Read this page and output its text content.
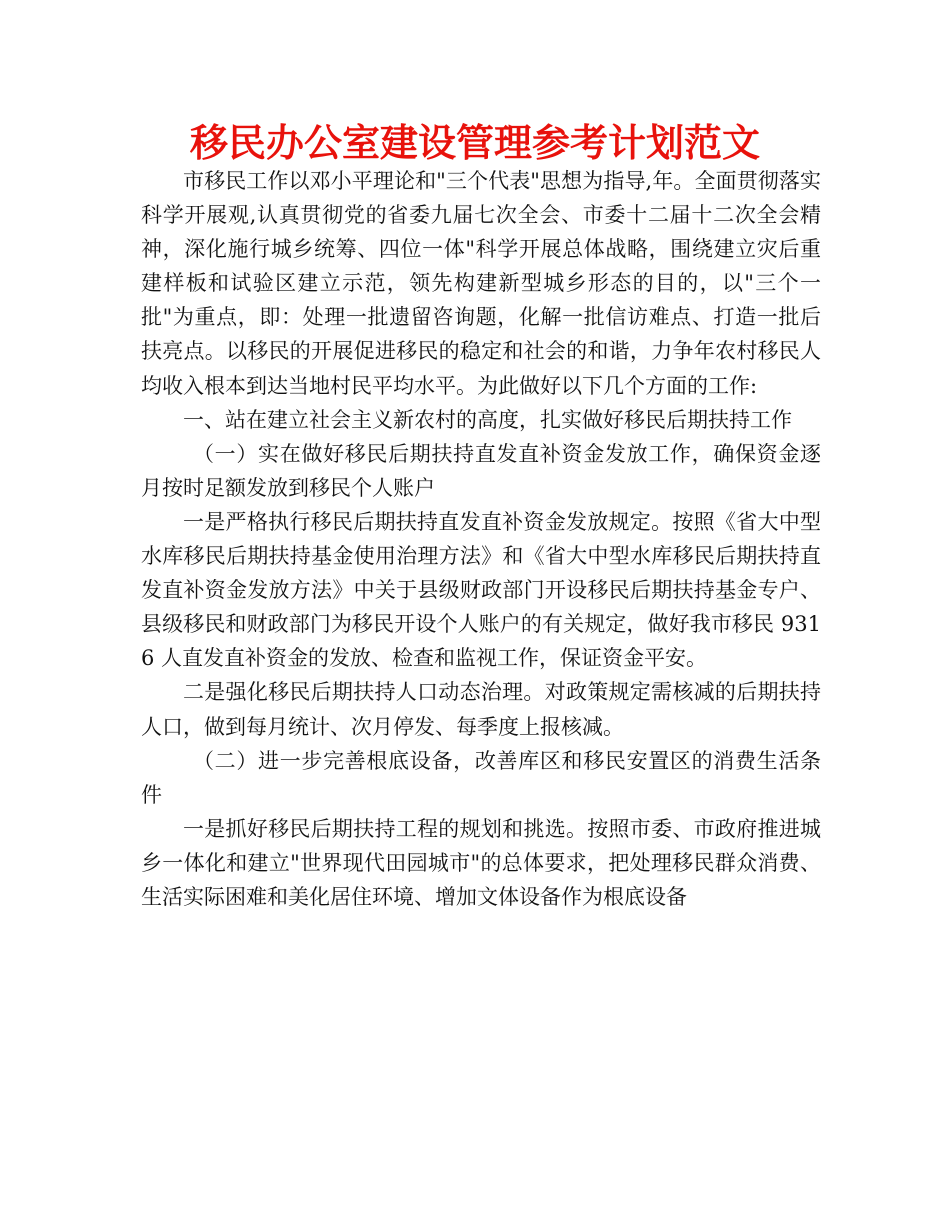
移民办公室建设管理参考计划范文

市移民工作以邓小平理论和"三个代表"思想为指导,年。全面贯彻落实科学开展观,认真贯彻党的省委九届七次全会、市委十二届十二次全会精神，深化施行城乡统筹、四位一体"科学开展总体战略，围绕建立灾后重建样板和试验区建立示范，领先构建新型城乡形态的目的，以"三个一批"为重点，即：处理一批遗留咨询题，化解一批信访难点、打造一批后扶亮点。以移民的开展促进移民的稳定和社会的和谐，力争年农村移民人均收入根本到达当地村民平均水平。为此做好以下几个方面的工作:

一、站在建立社会主义新农村的高度，扎实做好移民后期扶持工作

（一）实在做好移民后期扶持直发直补资金发放工作，确保资金逐月按时足额发放到移民个人账户

一是严格执行移民后期扶持直发直补资金发放规定。按照《省大中型水库移民后期扶持基金使用治理方法》和《省大中型水库移民后期扶持直发直补资金发放方法》中关于县级财政部门开设移民后期扶持基金专户、县级移民和财政部门为移民开设个人账户的有关规定，做好我市移民 9316 人直发直补资金的发放、检查和监视工作，保证资金平安。

二是强化移民后期扶持人口动态治理。对政策规定需核减的后期扶持人口，做到每月统计、次月停发、每季度上报核减。

（二）进一步完善根底设备，改善库区和移民安置区的消费生活条件

一是抓好移民后期扶持工程的规划和挑选。按照市委、市政府推进城乡一体化和建立"世界现代田园城市"的总体要求，把处理移民群众消费、生活实际困难和美化居住环境、增加文体设备作为根底设备
